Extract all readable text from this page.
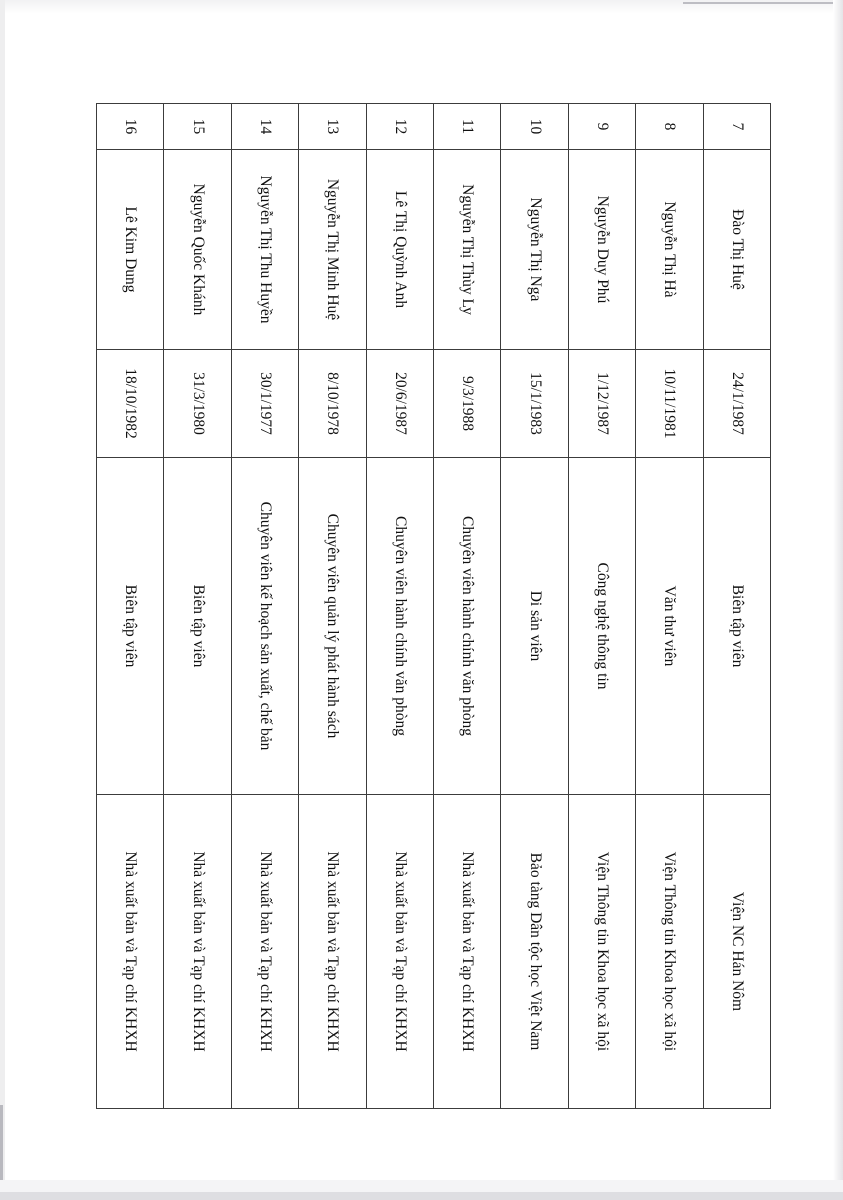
7	Đào Thị Huệ	24/1/1987	Biên tập viên	Viện NC Hán Nôm
8	Nguyễn Thị Hà	10/11/1981	Văn thư viên	Viện Thông tin Khoa học xã hội
9	Nguyễn Duy Phú	1/12/1987	Công nghệ thông tin	Viện Thông tin Khoa học xã hội
10	Nguyễn Thị Nga	15/1/1983	Di sản viên	Bảo tàng Dân tộc học Việt Nam
11	Nguyễn Thị Thùy Ly	9/3/1988	Chuyên viên hành chính văn phòng	Nhà xuất bản và Tạp chí KHXH
12	Lê Thị Quỳnh Anh	20/6/1987	Chuyên viên hành chính văn phòng	Nhà xuất bản và Tạp chí KHXH
13	Nguyễn Thị Minh Huệ	8/10/1978	Chuyên viên quản lý phát hành sách	Nhà xuất bản và Tạp chí KHXH
14	Nguyễn Thị Thu Huyền	30/1/1977	Chuyên viên kế hoạch sản xuất, chế bản	Nhà xuất bản và Tạp chí KHXH
15	Nguyễn Quốc Khánh	31/3/1980	Biên tập viên	Nhà xuất bản và Tạp chí KHXH
16	Lê Kim Dung	18/10/1982	Biên tập viên	Nhà xuất bản và Tạp chí KHXH
